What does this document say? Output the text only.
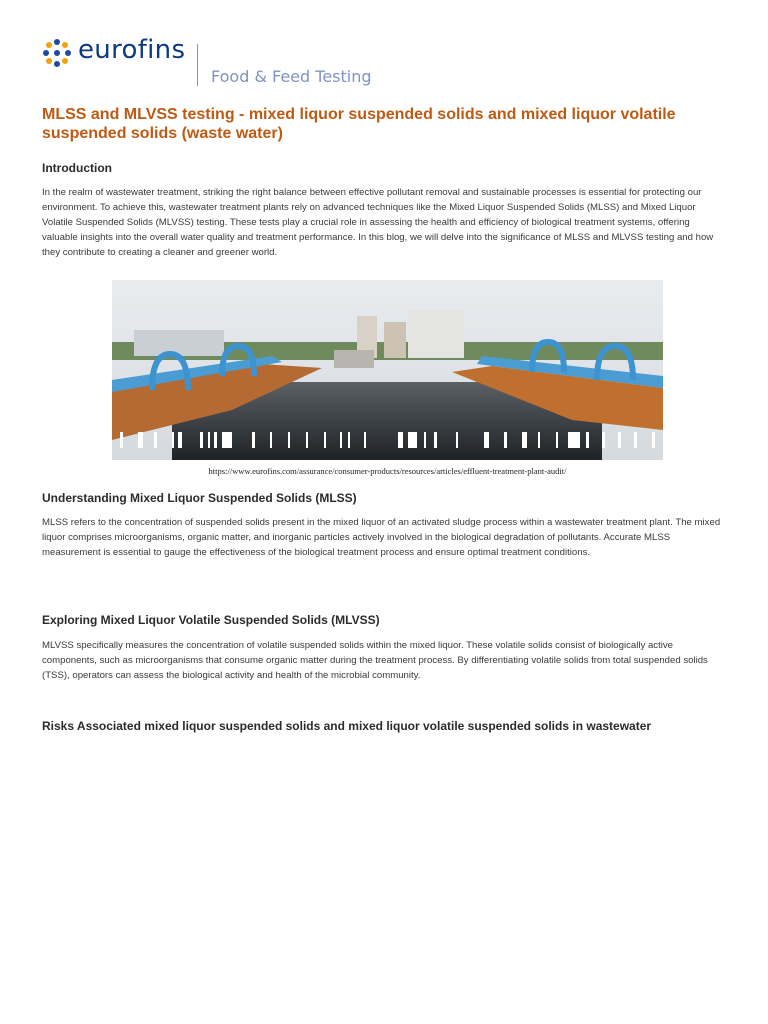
eurofins
Food & Feed Testing
MLSS and MLVSS testing - mixed liquor suspended solids and mixed liquor volatile suspended solids (waste water)
Introduction

In the realm of wastewater treatment, striking the right balance between effective pollutant removal and sustainable processes is essential for protecting our environment. To achieve this, wastewater treatment plants rely on advanced techniques like the Mixed Liquor Suspended Solids (MLSS) and Mixed Liquor Volatile Suspended Solids (MLVSS) testing. These tests play a crucial role in assessing the health and efficiency of biological treatment systems, offering valuable insights into the overall water quality and treatment performance. In this blog, we will delve into the significance of MLSS and MLVSS testing and how they contribute to creating a cleaner and greener world.

https://www.eurofins.com/assurance/consumer-products/resources/articles/effluent-treatment-plant-audit/
Understanding Mixed Liquor Suspended Solids (MLSS)

MLSS refers to the concentration of suspended solids present in the mixed liquor of an activated sludge process within a wastewater treatment plant. The mixed liquor comprises microorganisms, organic matter, and inorganic particles actively involved in the biological degradation of pollutants. Accurate MLSS measurement is essential to gauge the effectiveness of the biological treatment process and ensure optimal treatment conditions.

Exploring Mixed Liquor Volatile Suspended Solids (MLVSS)

MLVSS specifically measures the concentration of volatile suspended solids within the mixed liquor. These volatile solids consist of biologically active components, such as microorganisms that consume organic matter during the treatment process. By differentiating volatile solids from total suspended solids (TSS), operators can assess the biological activity and health of the microbial community.

Risks Associated mixed liquor suspended solids and mixed liquor volatile suspended solids in wastewater
